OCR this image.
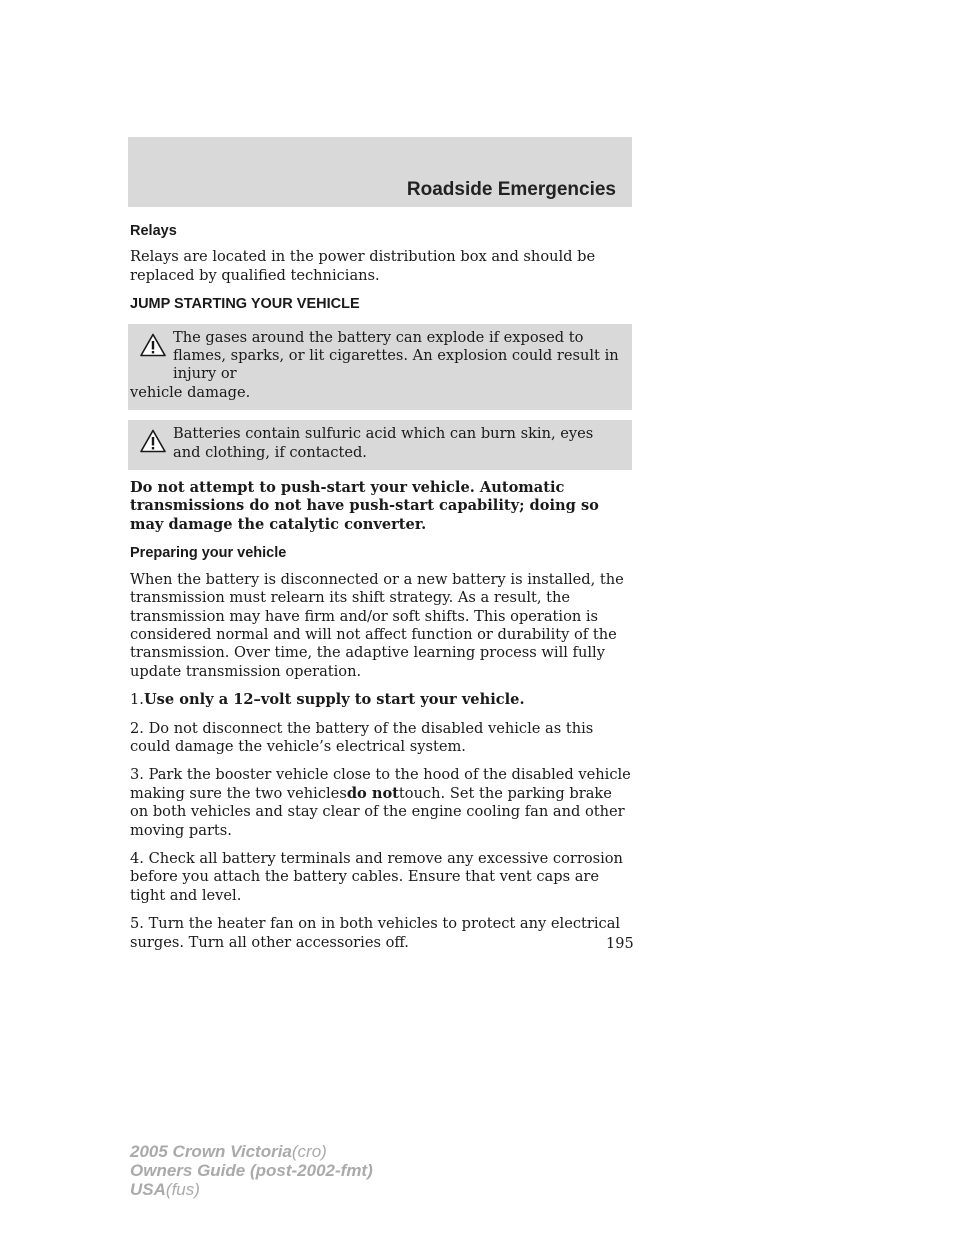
Roadside Emergencies

Relays

Relays are located in the power distribution box and should be replaced by qualified technicians.

JUMP STARTING YOUR VEHICLE

The gases around the battery can explode if exposed to flames, sparks, or lit cigarettes. An explosion could result in injury or
vehicle damage.
Batteries contain sulfuric acid which can burn skin, eyes and clothing, if contacted.

Do not attempt to push-start your vehicle. Automatic transmissions do not have push-start capability; doing so may damage the catalytic converter.

Preparing your vehicle

When the battery is disconnected or a new battery is installed, the transmission must relearn its shift strategy. As a result, the transmission may have firm and/or soft shifts. This operation is considered normal and will not affect function or durability of the transmission. Over time, the adaptive learning process will fully update transmission operation.

1.Use only a 12–volt supply to start your vehicle.

2. Do not disconnect the battery of the disabled vehicle as this could damage the vehicle’s electrical system.

3. Park the booster vehicle close to the hood of the disabled vehicle making sure the two vehiclesdo nottouch. Set the parking brake on both vehicles and stay clear of the engine cooling fan and other moving parts.

4. Check all battery terminals and remove any excessive corrosion before you attach the battery cables. Ensure that vent caps are tight and level.

5. Turn the heater fan on in both vehicles to protect any electrical surges. Turn all other accessories off.	195
2005 Crown Victoria(cro)
Owners Guide (post-2002-fmt)
USA(fus)
